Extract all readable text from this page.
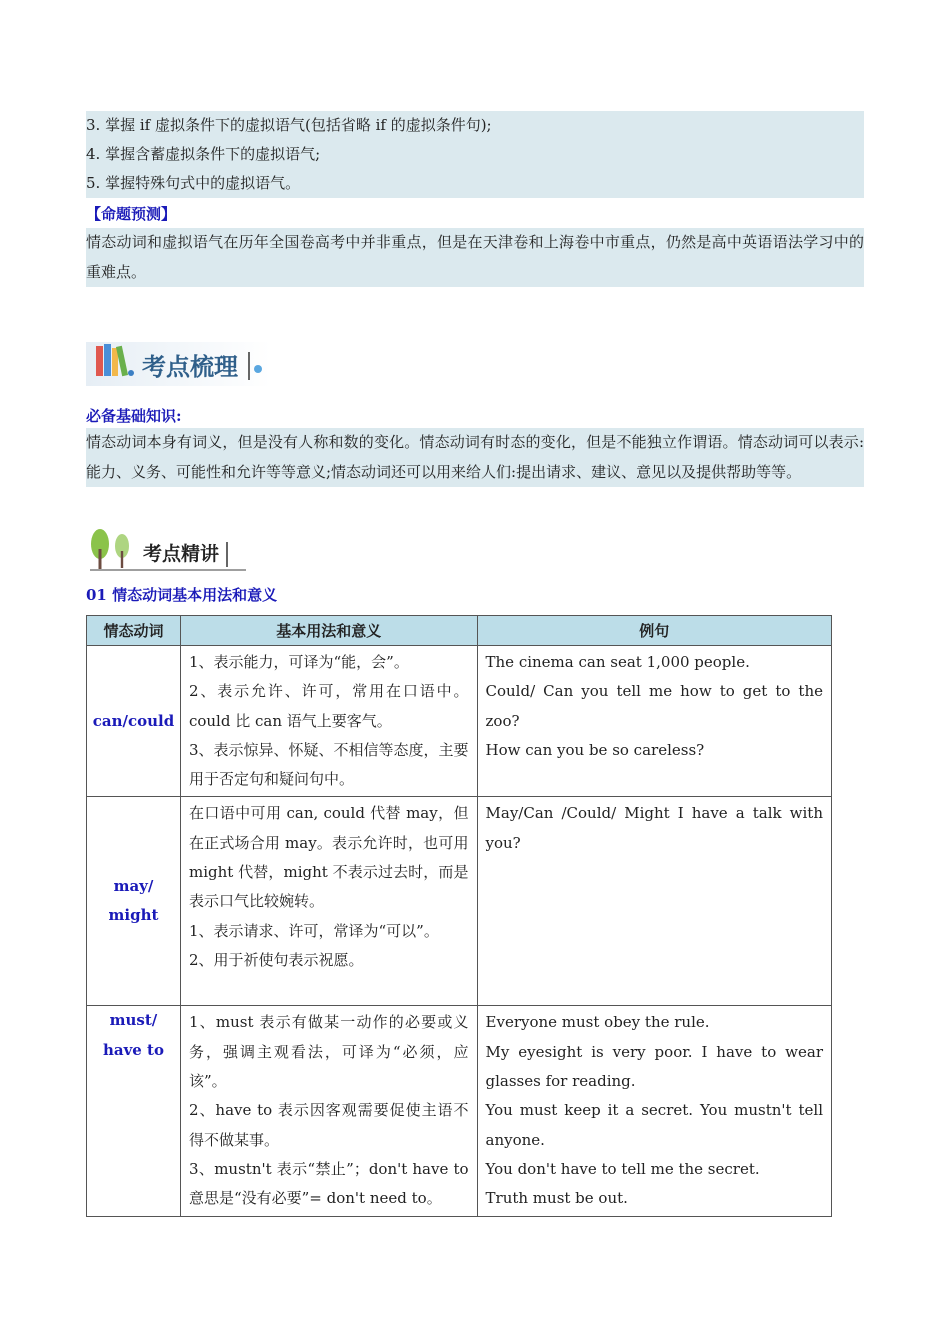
3. 掌握 if 虚拟条件下的虚拟语气(包括省略 if 的虚拟条件句);
4. 掌握含蓄虚拟条件下的虚拟语气;
5. 掌握特殊句式中的虚拟语气。
【命题预测】
情态动词和虚拟语气在历年全国卷高考中并非重点，但是在天津卷和上海卷中市重点，仍然是高中英语语法学习中的重难点。
考点梳理
必备基础知识:
情态动词本身有词义，但是没有人称和数的变化。情态动词有时态的变化，但是不能独立作谓语。情态动词可以表示:能力、义务、可能性和允许等等意义;情态动词还可以用来给人们:提出请求、建议、意见以及提供帮助等等。
考点精讲
01 情态动词基本用法和意义
情态动词	基本用法和意义	例句

can/could	1、表示能力，可译为“能，会”。
2、表示允许、许可，常用在口语中。could 比 can 语气上要客气。
3、表示惊异、怀疑、不相信等态度，主要用于否定句和疑问句中。	The cinema can seat 1,000 people.
Could/ Can you tell me how to get to the zoo?
How can you be so careless?

may/
might	在口语中可用 can, could 代替 may，但在正式场合用 may。表示允许时，也可用 might 代替，might 不表示过去时，而是表示口气比较婉转。
1、表示请求、许可，常译为“可以”。
2、用于祈使句表示祝愿。	May/Can /Could/ Might I have a talk with you?

must/
have to	1、must 表示有做某一动作的必要或义务，强调主观看法，可译为“必须，应该”。
2、have to 表示因客观需要促使主语不得不做某事。
3、mustn't 表示“禁止”；don't have to 意思是“没有必要”= don't need to。	Everyone must obey the rule.
My eyesight is very poor. I have to wear glasses for reading.
You must keep it a secret. You mustn't tell anyone.
You don't have to tell me the secret.
Truth must be out.
